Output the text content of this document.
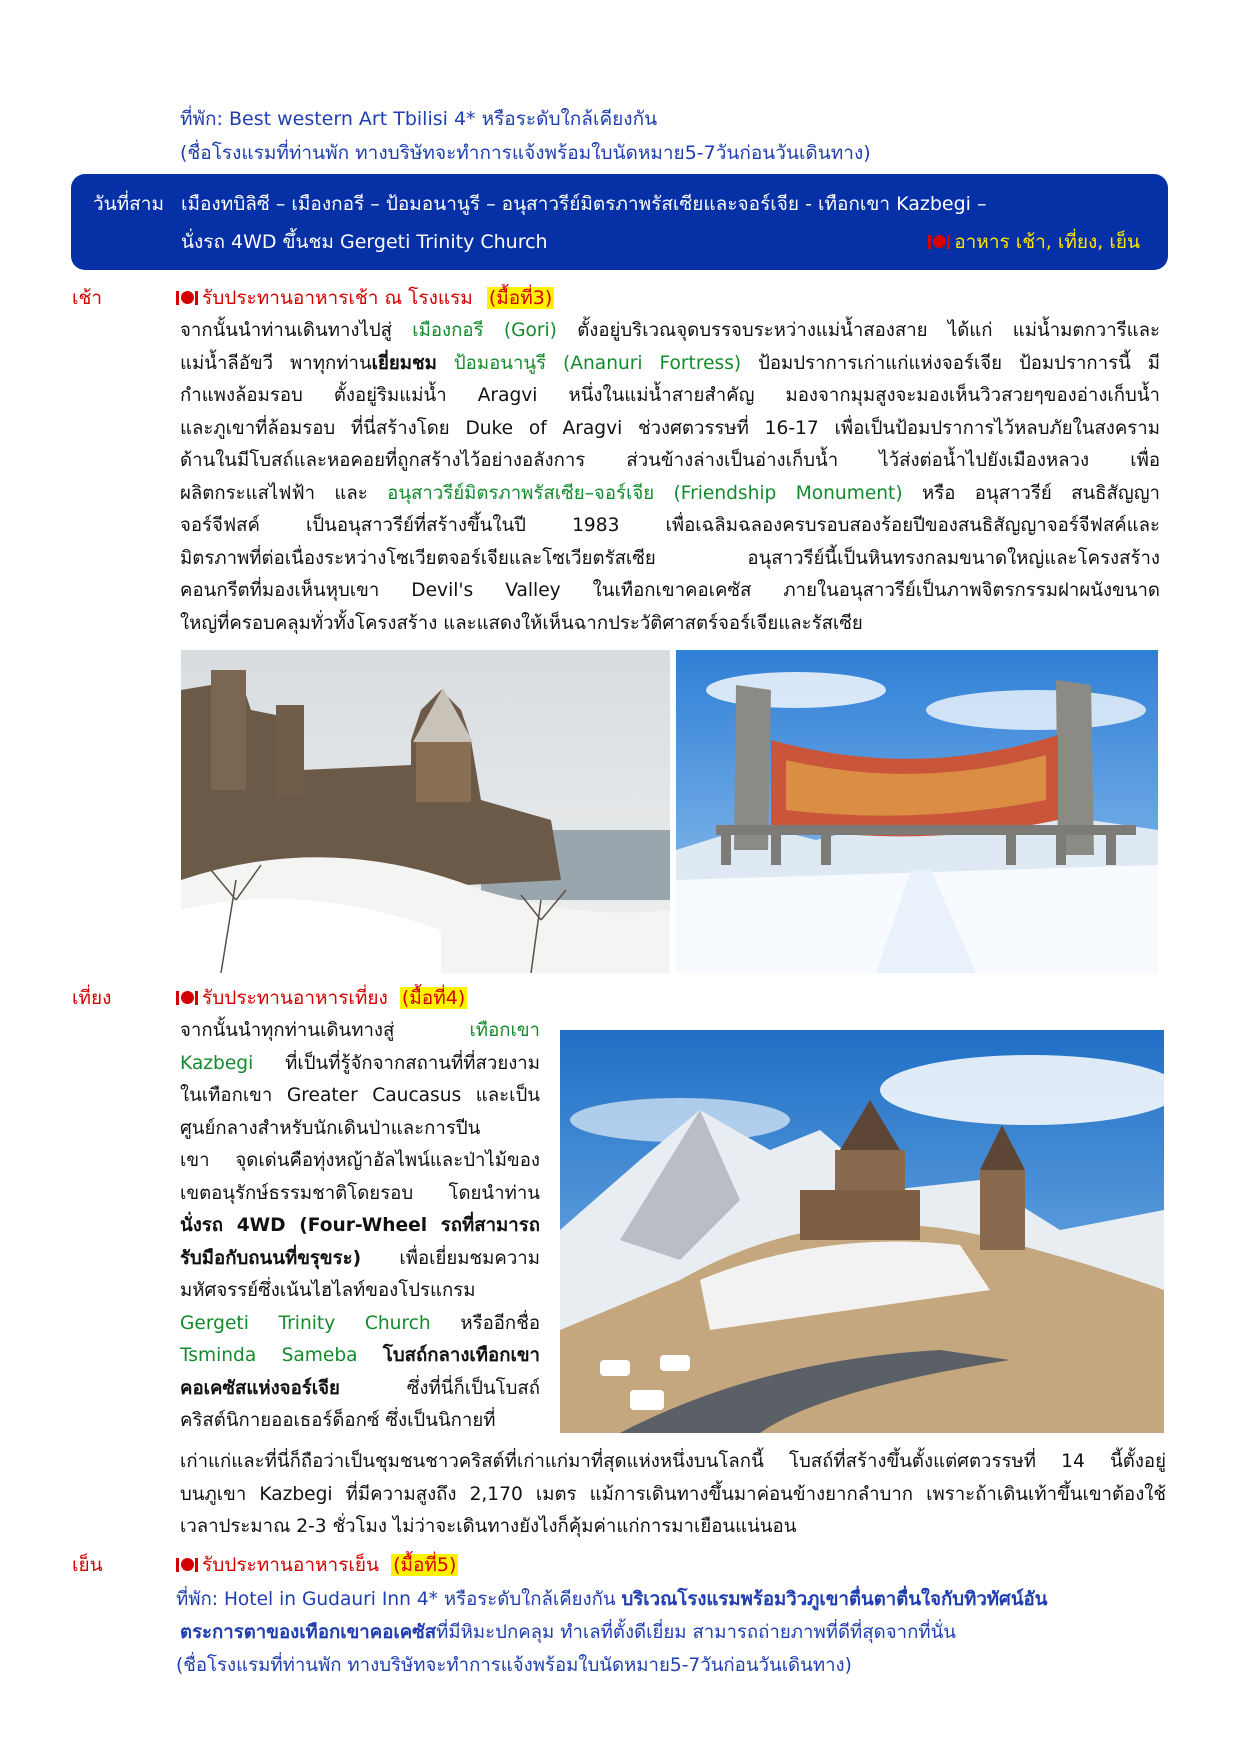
ที่พัก: Best western Art Tbilisi 4* หรือระดับใกล้เคียงกัน
(ชื่อโรงแรมที่ท่านพัก ทางบริษัทจะทำการแจ้งพร้อมใบนัดหมาย5-7วันก่อนวันเดินทาง)
วันที่สาม เมืองทบิลิซี – เมืองกอรี – ป้อมอนานูรี – อนุสาวรีย์มิตรภาพรัสเซียและจอร์เจีย - เทือกเขา Kazbegi –
นั่งรถ 4WD ขึ้นชม Gergeti Trinity Church	อาหาร เช้า, เที่ยง, เย็น
เช้า	รับประทานอาหารเช้า ณ โรงแรม (มื้อที่3)
จากนั้นนำท่านเดินทางไปสู่ เมืองกอรี (Gori) ตั้งอยู่บริเวณจุดบรรจบระหว่างแม่น้ำสองสาย ได้แก่ แม่น้ำมตกวารีและ
แม่น้ำลีอัขวี พาทุกท่านเยี่ยมชม ป้อมอนานูรี (Ananuri Fortress) ป้อมปราการเก่าแก่แห่งจอร์เจีย ป้อมปราการนี้ มี
กำแพงล้อมรอบ ตั้งอยู่ริมแม่น้ำ Aragvi หนึ่งในแม่น้ำสายสำคัญ มองจากมุมสูงจะมองเห็นวิวสวยๆของอ่างเก็บน้ำ
และภูเขาที่ล้อมรอบ ที่นี่สร้างโดย Duke of Aragvi ช่วงศตวรรษที่ 16-17 เพื่อเป็นป้อมปราการไว้หลบภัยในสงคราม
ด้านในมีโบสถ์และหอคอยที่ถูกสร้างไว้อย่างอลังการ ส่วนข้างล่างเป็นอ่างเก็บน้ำ ไว้ส่งต่อน้ำไปยังเมืองหลวง เพื่อ
ผลิตกระแสไฟฟ้า และ อนุสาวรีย์มิตรภาพรัสเซีย–จอร์เจีย (Friendship Monument) หรือ อนุสาวรีย์ สนธิสัญญา
จอร์จีฟสค์ เป็นอนุสาวรีย์ที่สร้างขึ้นในปี 1983 เพื่อเฉลิมฉลองครบรอบสองร้อยปีของสนธิสัญญาจอร์จีฟสค์และ
มิตรภาพที่ต่อเนื่องระหว่างโซเวียตจอร์เจียและโซเวียตรัสเซีย อนุสาวรีย์นี้เป็นหินทรงกลมขนาดใหญ่และโครงสร้าง
คอนกรีตที่มองเห็นหุบเขา Devil's Valley ในเทือกเขาคอเคซัส ภายในอนุสาวรีย์เป็นภาพจิตรกรรมฝาผนังขนาด
ใหญ่ที่ครอบคลุมทั่วทั้งโครงสร้าง และแสดงให้เห็นฉากประวัติศาสตร์จอร์เจียและรัสเซีย
เที่ยง	รับประทานอาหารเที่ยง (มื้อที่4)
จากนั้นนำทุกท่านเดินทางสู่ เทือกเขา
Kazbegi ที่เป็นที่รู้จักจากสถานที่ที่สวยงาม
ในเทือกเขา Greater Caucasus และเป็น
ศูนย์กลางสำหรับนักเดินป่าและการปีน
เขา จุดเด่นคือทุ่งหญ้าอัลไพน์และป่าไม้ของ
เขตอนุรักษ์ธรรมชาติโดยรอบ โดยนำท่าน
นั่งรถ 4WD (Four-Wheel รถที่สามารถ
รับมือกับถนนที่ขรุขระ) เพื่อเยี่ยมชมความ
มหัศจรรย์ซึ่งเน้นไฮไลท์ของโปรแกรม
Gergeti Trinity Church หรืออีกชื่อ
Tsminda Sameba โบสถ์กลางเทือกเขา
คอเคซัสแห่งจอร์เจีย ซึ่งที่นี่ก็เป็นโบสถ์
คริสต์นิกายออเธอร์ด็อกซ์ ซึ่งเป็นนิกายที่
เก่าแก่และที่นี่ก็ถือว่าเป็นชุมชนชาวคริสต์ที่เก่าแก่มาที่สุดแห่งหนึ่งบนโลกนี้ โบสถ์ที่สร้างขึ้นตั้งแต่ศตวรรษที่ 14 นี้ตั้งอยู่
บนภูเขา Kazbegi ที่มีความสูงถึง 2,170 เมตร แม้การเดินทางขึ้นมาค่อนข้างยากลำบาก เพราะถ้าเดินเท้าขึ้นเขาต้องใช้
เวลาประมาณ 2-3 ชั่วโมง ไม่ว่าจะเดินทางยังไงก็คุ้มค่าแก่การมาเยือนแน่นอน
เย็น	รับประทานอาหารเย็น (มื้อที่5)
ที่พัก: Hotel in Gudauri Inn 4* หรือระดับใกล้เคียงกัน บริเวณโรงแรมพร้อมวิวภูเขาตื่นตาตื่นใจกับทิวทัศน์อัน
ตระการตาของเทือกเขาคอเคซัสที่มีหิมะปกคลุม ทำเลที่ตั้งดีเยี่ยม สามารถถ่ายภาพที่ดีที่สุดจากที่นั่น
(ชื่อโรงแรมที่ท่านพัก ทางบริษัทจะทำการแจ้งพร้อมใบนัดหมาย5-7วันก่อนวันเดินทาง)
